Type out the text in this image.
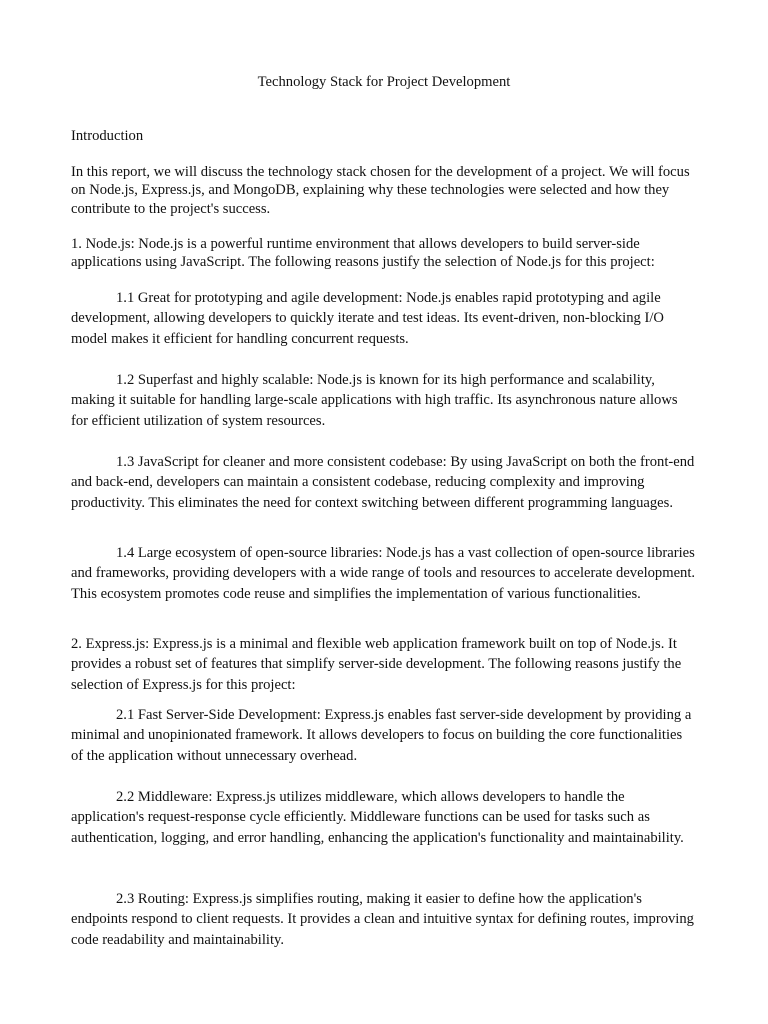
Technology Stack for Project Development

Introduction

In this report, we will discuss the technology stack chosen for the development of a project. We will focus on Node.js, Express.js, and MongoDB, explaining why these technologies were selected and how they contribute to the project's success.

1. Node.js: Node.js is a powerful runtime environment that allows developers to build server-side applications using JavaScript. The following reasons justify the selection of Node.js for this project:

1.1 Great for prototyping and agile development: Node.js enables rapid prototyping and agile development, allowing developers to quickly iterate and test ideas. Its event-driven, non-blocking I/O model makes it efficient for handling concurrent requests.

1.2 Superfast and highly scalable: Node.js is known for its high performance and scalability, making it suitable for handling large-scale applications with high traffic. Its asynchronous nature allows for efficient utilization of system resources.

1.3 JavaScript for cleaner and more consistent codebase: By using JavaScript on both the front-end and back-end, developers can maintain a consistent codebase, reducing complexity and improving productivity. This eliminates the need for context switching between different programming languages.

1.4 Large ecosystem of open-source libraries: Node.js has a vast collection of open-source libraries and frameworks, providing developers with a wide range of tools and resources to accelerate development. This ecosystem promotes code reuse and simplifies the implementation of various functionalities.

2. Express.js: Express.js is a minimal and flexible web application framework built on top of Node.js. It provides a robust set of features that simplify server-side development. The following reasons justify the selection of Express.js for this project:

2.1 Fast Server-Side Development: Express.js enables fast server-side development by providing a minimal and unopinionated framework. It allows developers to focus on building the core functionalities of the application without unnecessary overhead.

2.2 Middleware: Express.js utilizes middleware, which allows developers to handle the application's request-response cycle efficiently. Middleware functions can be used for tasks such as authentication, logging, and error handling, enhancing the application's functionality and maintainability.

2.3 Routing: Express.js simplifies routing, making it easier to define how the application's endpoints respond to client requests. It provides a clean and intuitive syntax for defining routes, improving code readability and maintainability.
